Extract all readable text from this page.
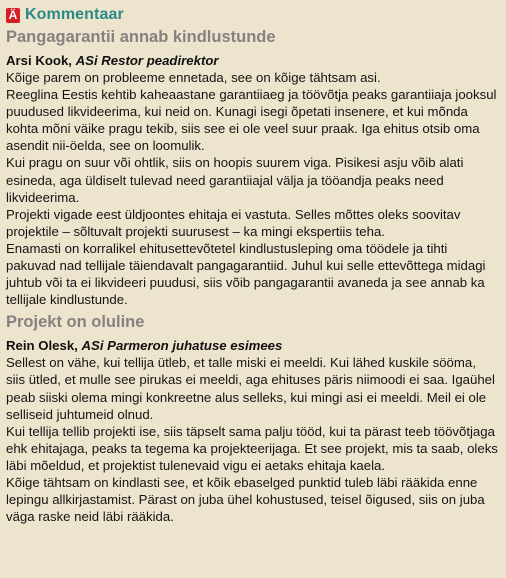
Ä Kommentaar
Pangagarantii annab kindlustunde
Arsi Kook, ASi Restor peadirektor

Kõige parem on probleeme ennetada, see on kõige tähtsam asi.

Reeglina Eestis kehtib kaheaastane garantiiaeg ja töövõtja peaks garantiiaja jooksul puudused likvideerima, kui neid on. Kunagi isegi õpetati insenere, et kui mõnda kohta mõni väike pragu tekib, siis see ei ole veel suur praak. Iga ehitus otsib oma asendit nii-öelda, see on loomulik.

Kui pragu on suur või ohtlik, siis on hoopis suurem viga. Pisikesi asju võib alati esineda, aga üldiselt tulevad need garantiiajal välja ja tööandja peaks need likvideerima.

Projekti vigade eest üldjoontes ehitaja ei vastuta. Selles mõttes oleks soovitav projektile – sõltuvalt projekti suurusest – ka mingi ekspertiis teha.

Enamasti on korralikel ehitusettevõtetel kindlustusleping oma töödele ja tihti pakuvad nad tellijale täiendavalt pangagarantiid. Juhul kui selle ettevõttega midagi juhtub või ta ei likvideeri puudusi, siis võib pangagarantii avaneda ja see annab ka tellijale kindlustunde.

Projekt on oluline
Rein Olesk, ASi Parmeron juhatuse esimees

Sellest on vähe, kui tellija ütleb, et talle miski ei meeldi. Kui lähed kuskile sööma, siis ütled, et mulle see pirukas ei meeldi, aga ehituses päris niimoodi ei saa. Igaühel peab siiski olema mingi konkreetne alus selleks, kui mingi asi ei meeldi. Meil ei ole selliseid juhtumeid olnud.

Kui tellija tellib projekti ise, siis täpselt sama palju tööd, kui ta pärast teeb töövõtjaga ehk ehitajaga, peaks ta tegema ka projekteerijaga. Et see projekt, mis ta saab, oleks läbi mõeldud, et projektist tulenevaid vigu ei aetaks ehitaja kaela.

Kõige tähtsam on kindlasti see, et kõik ebaselged punktid tuleb läbi rääkida enne lepingu allkirjastamist. Pärast on juba ühel kohustused, teisel õigused, siis on juba väga raske neid läbi rääkida.
